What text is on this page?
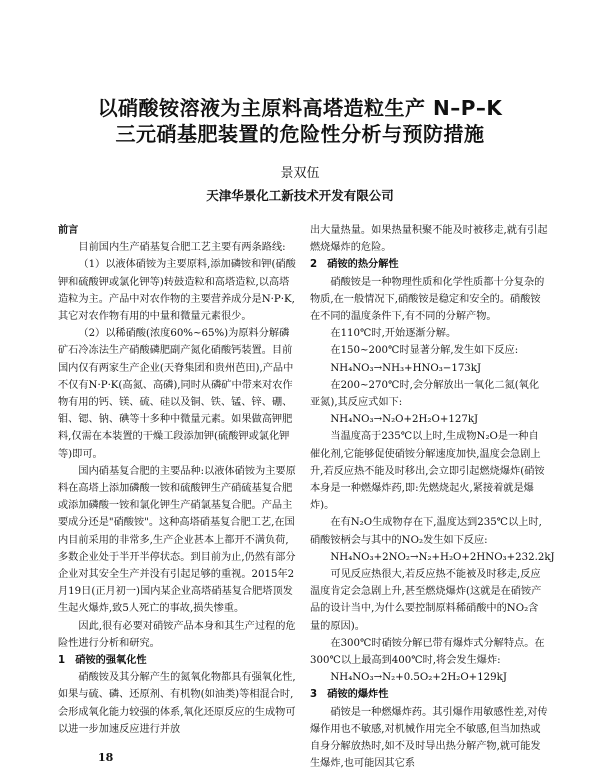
以硝酸铵溶液为主原料高塔造粒生产 N–P–K
三元硝基肥装置的危险性分析与预防措施
景双伍
天津华景化工新技术开发有限公司

前言

目前国内生产硝基复合肥工艺主要有两条路线:

（1）以液体硝铵为主要原料,添加磷铵和钾(硝酸钾和硫酸钾或氯化钾等)转鼓造粒和高塔造粒,以高塔造粒为主。产品中对农作物的主要营养成分是N·P·K,其它对农作物有用的中量和微量元素很少。

（2）以稀硝酸(浓度60%~65%)为原料分解磷矿石冷冻法生产硝酸磷肥副产氮化硝酸钙装置。目前国内仅有两家生产企业(天脊集团和贵州芭田),产品中不仅有N·P·K(高氮、高磷),同时从磷矿中带来对农作物有用的钙、镁、硫、硅以及铜、铁、锰、锌、硼、钼、锶、钠、碘等十多种中微量元素。如果做高钾肥料,仅需在本装置的干燥工段添加钾(硫酸钾或氯化钾等)即可。

国内硝基复合肥的主要品种:以液体硝铵为主要原料在高塔上添加磷酸一铵和硫酸钾生产硝硫基复合肥或添加磷酸一铵和氯化钾生产硝氯基复合肥。产品主要成分还是"硝酸铵"。这种高塔硝基复合肥工艺,在国内目前采用的非常多,生产企业甚本上都开不满负荷,多数企业处于半开半停状态。到目前为止,仍然有部分企业对其安全生产并没有引起足够的重视。2015年2月19日(正月初一)国内某企业高塔硝基复合肥塔顶发生起火爆炸,致5人死亡的事故,损失惨重。

因此,很有必要对硝铵产品本身和其生产过程的危险性进行分析和研究。

1　硝铵的强氧化性

硝酸铵及其分解产生的氮氧化物都具有强氧化性,如果与硫、磷、还原剂、有机物(如油类)等相混合时,会形成氧化能力较强的体系,氧化还原反应的生成物可以进一步加速反应进行并放

出大量热量。如果热量积聚不能及时被移走,就有引起燃烧爆炸的危险。

2　硝铵的热分解性

硝酸铵是一种物理性质和化学性质都十分复杂的物质,在一般情况下,硝酸铵是稳定和安全的。硝酸铵在不同的温度条件下,有不同的分解产物。

在110℃时,开始逐渐分解。

在150~200℃时显著分解,发生如下反应:

NH₄NO₃→NH₃+HNO₃−173kJ

在200~270℃时,会分解放出一氧化二氮(氧化亚氮),其反应式如下:

NH₄NO₃→N₂O+2H₂O+127kJ

当温度高于235℃以上时,生成物N₂O是一种自催化剂,它能够促使硝铵分解速度加快,温度会急剧上升,若反应热不能及时移出,会立即引起燃烧爆炸(硝铵本身是一种燃爆炸药,即:先燃烧起火,紧接着就是爆炸)。

在有N₂O生成物存在下,温度达到235℃以上时,硝酸铵柄会与其中的NO₂发生如下反应:

NH₄NO₃+2NO₂→N₂+H₂O+2HNO₃+232.2kJ

可见反应热很大,若反应热不能被及时移走,反应温度肯定会急剧上升,甚至燃烧爆炸(这就是在硝铵产品的设计当中,为什么要控制原料稀硝酸中的NO₂含量的原因)。

在300℃时硝铵分解已带有爆炸式分解特点。在300℃以上最高到400℃时,将会发生爆炸:

NH₄NO₃→N₂+0.5O₂+2H₂O+129kJ

3　硝铵的爆炸性

硝铵是一种燃爆炸药。其引爆作用敏感性差,对传爆作用也不敏感,对机械作用完全不敏感,但当加热或自身分解放热时,如不及时导出热分解产物,就可能发生爆炸,也可能因其它系

18
